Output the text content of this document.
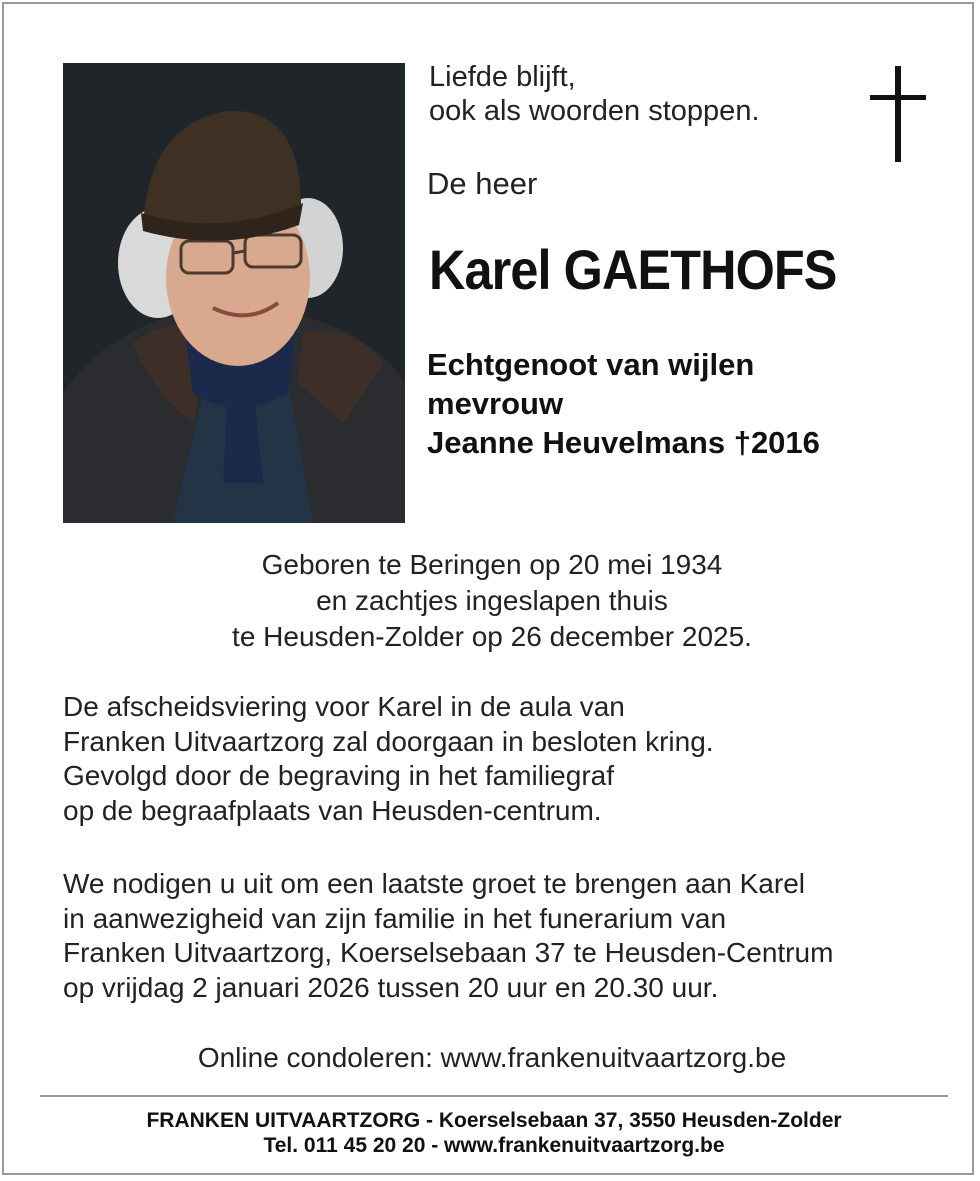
Liefde blijft,
ook als woorden stoppen.
De heer
Karel GAETHOFS
Echtgenoot van wijlen
mevrouw
Jeanne Heuvelmans †2016
Geboren te Beringen op 20 mei 1934
en zachtjes ingeslapen thuis
te Heusden-Zolder op 26 december 2025.
De afscheidsviering voor Karel in de aula van
Franken Uitvaartzorg zal doorgaan in besloten kring.
Gevolgd door de begraving in het familiegraf
op de begraafplaats van Heusden-centrum.
We nodigen u uit om een laatste groet te brengen aan Karel
in aanwezigheid van zijn familie in het funerarium van
Franken Uitvaartzorg, Koerselsebaan 37 te Heusden-Centrum
op vrijdag 2 januari 2026 tussen 20 uur en 20.30 uur.
Online condoleren: www.frankenuitvaartzorg.be
FRANKEN UITVAARTZORG - Koerselsebaan 37, 3550 Heusden-Zolder
Tel. 011 45 20 20 - www.frankenuitvaartzorg.be
